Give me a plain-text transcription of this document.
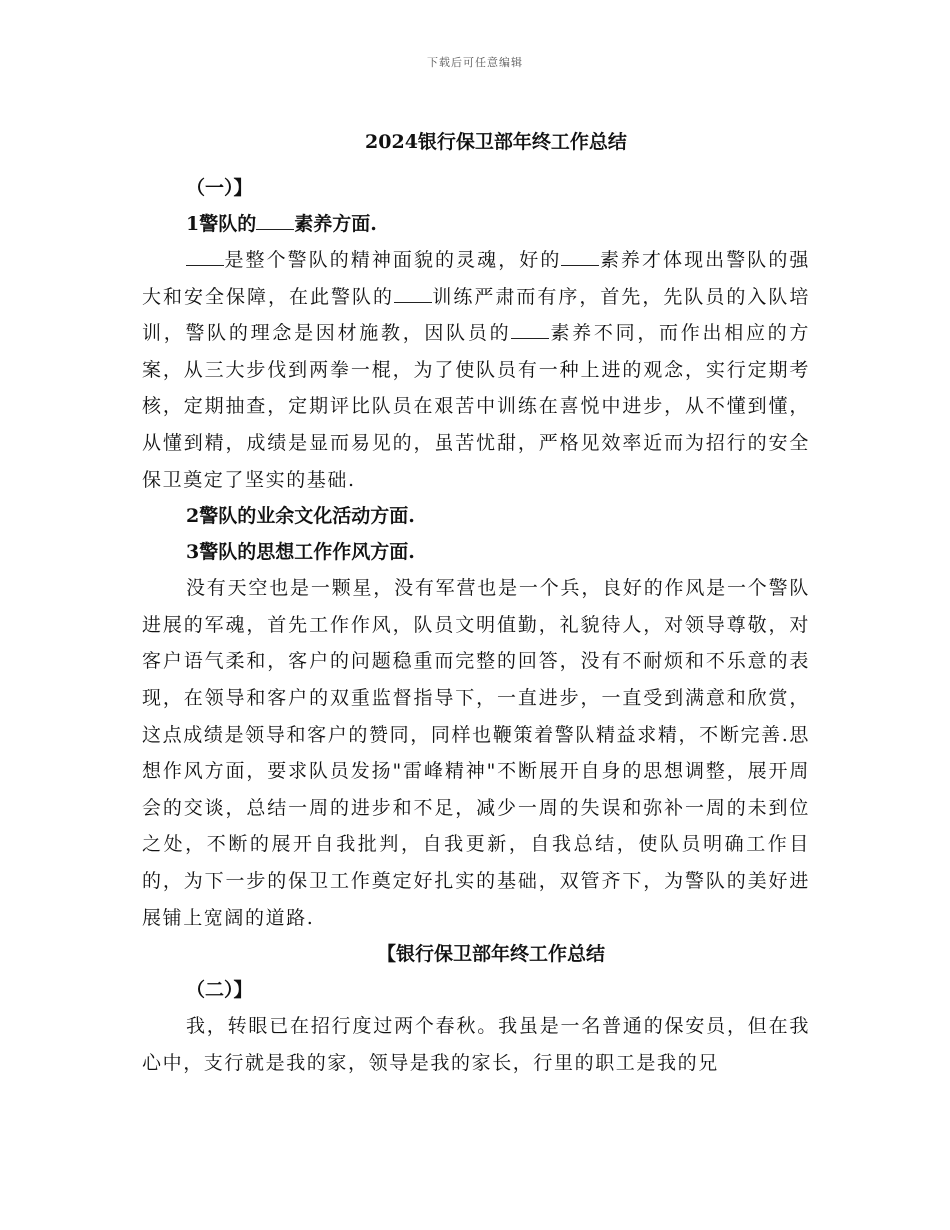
下载后可任意编辑
2024银行保卫部年终工作总结

（一）】

1警队的 素养方面.

是整个警队的精神面貌的灵魂，好的 素养才体现出警队的强大和安全保障，在此警队的 训练严肃而有序，首先，先队员的入队培训，警队的理念是因材施教，因队员的 素养不同，而作出相应的方案，从三大步伐到两拳一棍，为了使队员有一种上进的观念，实行定期考核，定期抽查，定期评比队员在艰苦中训练在喜悦中进步，从不懂到懂，从懂到精，成绩是显而易见的，虽苦忧甜，严格见效率近而为招行的安全保卫奠定了坚实的基础.

2警队的业余文化活动方面.

3警队的思想工作作风方面.

没有天空也是一颗星，没有军营也是一个兵，良好的作风是一个警队进展的军魂，首先工作作风，队员文明值勤，礼貌待人，对领导尊敬，对客户语气柔和，客户的问题稳重而完整的回答，没有不耐烦和不乐意的表现，在领导和客户的双重监督指导下，一直进步，一直受到满意和欣赏，这点成绩是领导和客户的赞同，同样也鞭策着警队精益求精，不断完善.思想作风方面，要求队员发扬"雷峰精神"不断展开自身的思想调整，展开周会的交谈，总结一周的进步和不足，减少一周的失误和弥补一周的未到位之处，不断的展开自我批判，自我更新，自我总结，使队员明确工作目的，为下一步的保卫工作奠定好扎实的基础，双管齐下，为警队的美好进展铺上宽阔的道路.

【银行保卫部年终工作总结

（二）】

我，转眼已在招行度过两个春秋。我虽是一名普通的保安员，但在我心中，支行就是我的家，领导是我的家长，行里的职工是我的兄
